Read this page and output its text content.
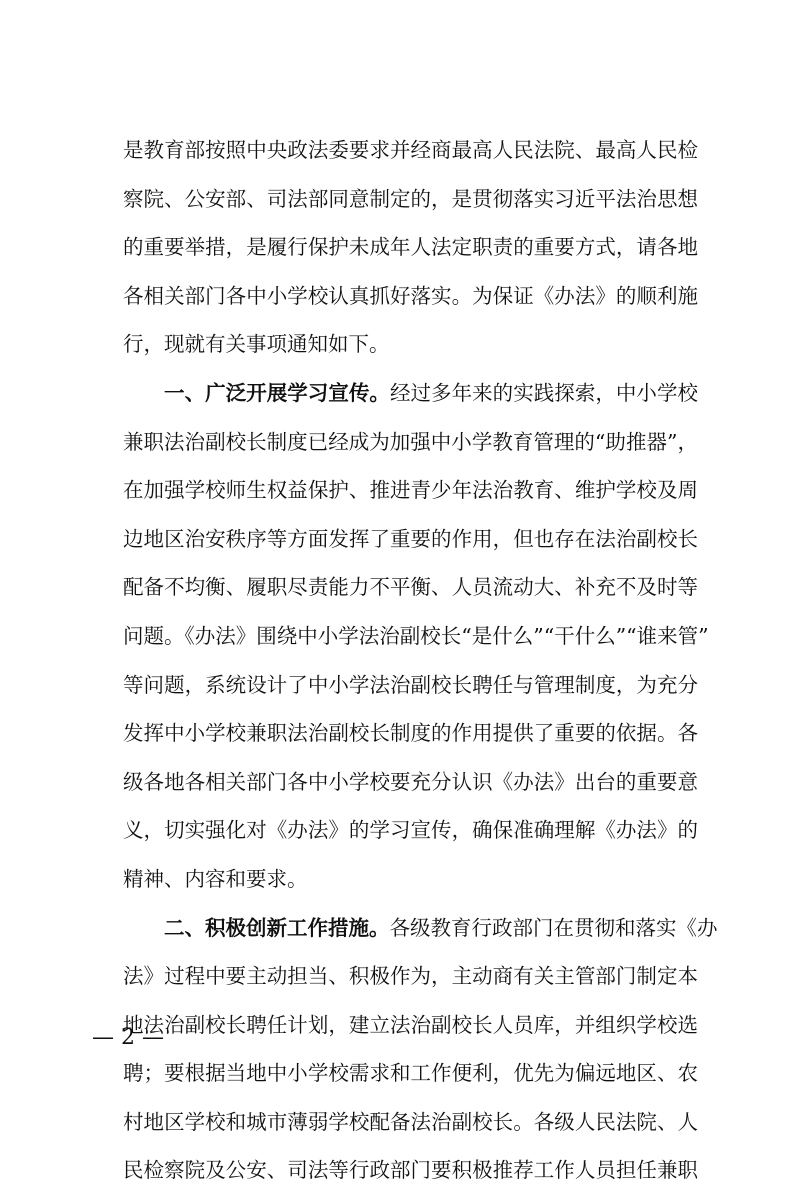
是教育部按照中央政法委要求并经商最高人民法院、最高人民检
察院、公安部、司法部同意制定的，是贯彻落实习近平法治思想
的重要举措，是履行保护未成年人法定职责的重要方式，请各地
各相关部门各中小学校认真抓好落实。为保证《办法》的顺利施
行，现就有关事项通知如下。
一、广泛开展学习宣传。经过多年来的实践探索，中小学校
兼职法治副校长制度已经成为加强中小学教育管理的“助推器”，
在加强学校师生权益保护、推进青少年法治教育、维护学校及周
边地区治安秩序等方面发挥了重要的作用，但也存在法治副校长
配备不均衡、履职尽责能力不平衡、人员流动大、补充不及时等
问题。《办法》围绕中小学法治副校长“是什么”“干什么”“谁来管”
等问题，系统设计了中小学法治副校长聘任与管理制度，为充分
发挥中小学校兼职法治副校长制度的作用提供了重要的依据。各
级各地各相关部门各中小学校要充分认识《办法》出台的重要意
义，切实强化对《办法》的学习宣传，确保准确理解《办法》的
精神、内容和要求。
二、积极创新工作措施。各级教育行政部门在贯彻和落实《办
法》过程中要主动担当、积极作为，主动商有关主管部门制定本
地法治副校长聘任计划，建立法治副校长人员库，并组织学校选
聘；要根据当地中小学校需求和工作便利，优先为偏远地区、农
村地区学校和城市薄弱学校配备法治副校长。各级人民法院、人
民检察院及公安、司法等行政部门要积极推荐工作人员担任兼职
— 2 —
